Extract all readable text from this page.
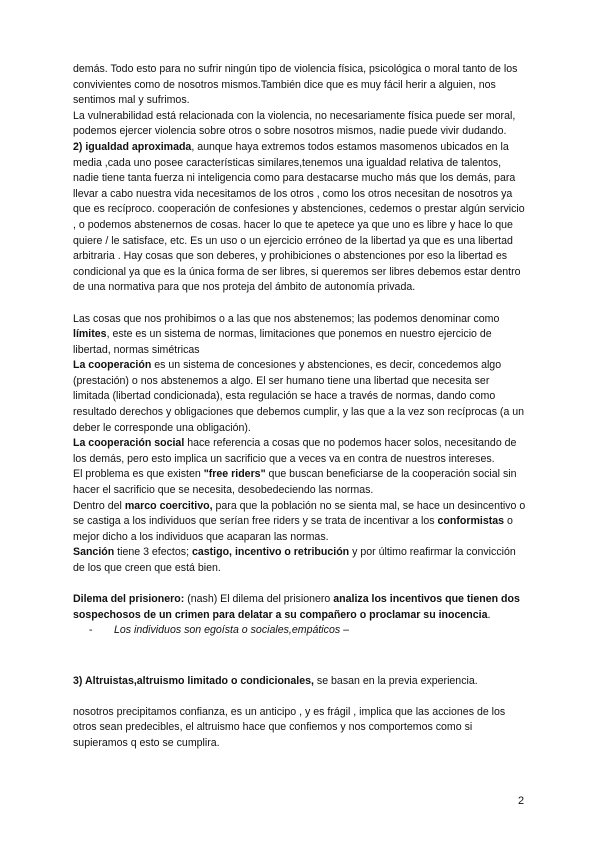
demás. Todo esto para no sufrir ningún tipo de violencia física, psicológica o moral tanto de los convivientes como de nosotros mismos.También dice que es muy fácil herir a alguien, nos sentimos mal y sufrimos.

La vulnerabilidad está relacionada con la violencia, no necesariamente física puede ser moral, podemos ejercer violencia sobre otros o sobre nosotros mismos, nadie puede vivir dudando.

2) igualdad aproximada, aunque haya extremos todos estamos masomenos ubicados en la media ,cada uno posee características similares,tenemos una igualdad relativa de talentos, nadie tiene tanta fuerza ni inteligencia como para destacarse mucho más que los demás, para llevar a cabo nuestra vida necesitamos de los otros , como los otros necesitan de nosotros ya que es recíproco. cooperación de confesiones y abstenciones, cedemos o prestar algún servicio , o podemos abstenernos de cosas. hacer lo que te apetece ya que uno es libre y hace lo que quiere / le satisface, etc. Es un uso o un ejercicio erróneo de la libertad ya que es una libertad arbitraria . Hay cosas que son deberes, y prohibiciones o abstenciones por eso la libertad es condicional ya que es la única forma de ser libres, si queremos ser libres debemos estar dentro de una normativa para que nos proteja del ámbito de autonomía privada.

Las cosas que nos prohibimos o a las que nos abstenemos; las podemos denominar como límites, este es un sistema de normas, limitaciones que ponemos en nuestro ejercicio de libertad, normas simétricas

La cooperación es un sistema de concesiones y abstenciones, es decir, concedemos algo (prestación) o nos abstenemos a algo. El ser humano tiene una libertad que necesita ser limitada (libertad condicionada), esta regulación se hace a través de normas, dando como resultado derechos y obligaciones que debemos cumplir, y las que a la vez son recíprocas (a un deber le corresponde una obligación).

La cooperación social hace referencia a cosas que no podemos hacer solos, necesitando de los demás, pero esto implica un sacrificio que a veces va en contra de nuestros intereses.

El problema es que existen "free riders" que buscan beneficiarse de la cooperación social sin hacer el sacrificio que se necesita, desobedeciendo las normas.

Dentro del marco coercitivo, para que la población no se sienta mal, se hace un desincentivo o se castiga a los individuos que serían free riders y se trata de incentivar a los conformistas o mejor dicho a los individuos que acaparan las normas.

Sanción tiene 3 efectos; castigo, incentivo o retribución y por último reafirmar la convicción de los que creen que está bien.

Dilema del prisionero: (nash) El dilema del prisionero analiza los incentivos que tienen dos sospechosos de un crimen para delatar a su compañero o proclamar su inocencia.

- Los individuos son egoísta o sociales,empáticos –

3) Altruistas,altruismo limitado o condicionales, se basan en la previa experiencia.

nosotros precipitamos confianza, es un anticipo , y es frágil , implica que las acciones de los otros sean predecibles, el altruismo hace que confiemos y nos comportemos como si supieramos q esto se cumplira.

2
